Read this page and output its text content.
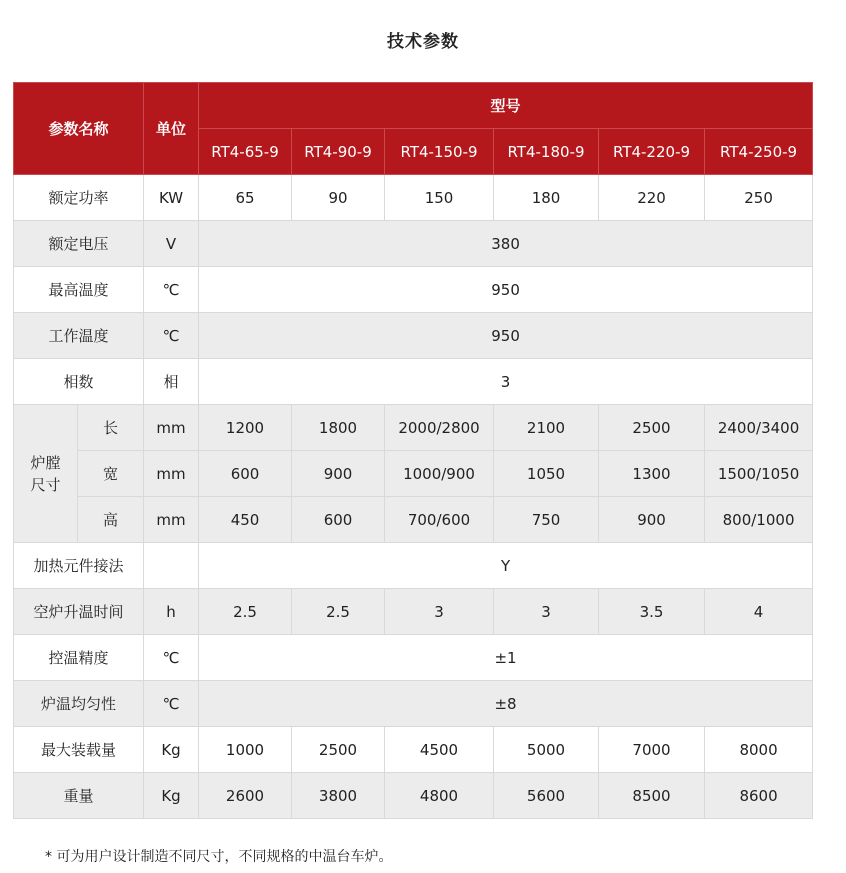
技术参数
参数名称		单位	型号					
			RT4-65-9	RT4-90-9	RT4-150-9	RT4-180-9	RT4-220-9	RT4-250-9
额定功率		KW	65	90	150	180	220	250
额定电压		V	380					
最高温度		℃	950					
工作温度		℃	950					
相数		相	3					
炉膛
尺寸	长	mm	1200	1800	2000/2800	2100	2500	2400/3400
	宽	mm	600	900	1000/900	1050	1300	1500/1050
	高	mm	450	600	700/600	750	900	800/1000
加热元件接法			Y					
空炉升温时间		h	2.5	2.5	3	3	3.5	4
控温精度		℃	±1					
炉温均匀性		℃	±8					
最大装载量		Kg	1000	2500	4500	5000	7000	8000
重量		Kg	2600	3800	4800	5600	8500	8600
* 可为用户设计制造不同尺寸，不同规格的中温台车炉。
